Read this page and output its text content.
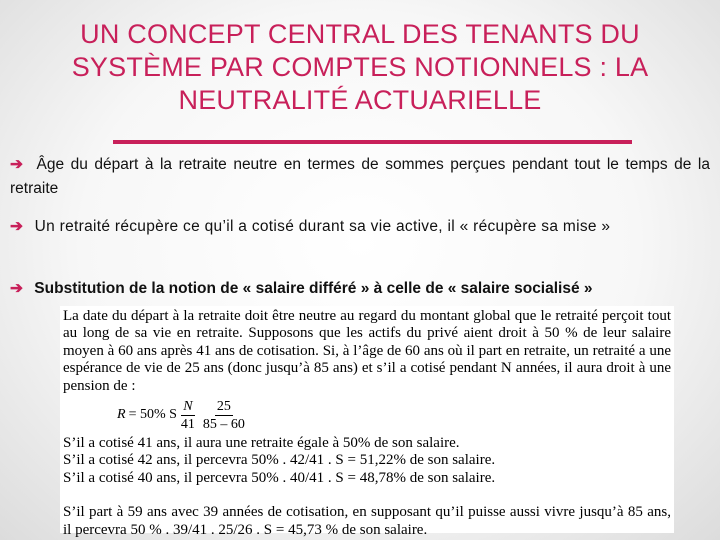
UN CONCEPT CENTRAL DES TENANTS DU
SYSTÈME PAR COMPTES NOTIONNELS : LA
NEUTRALITÉ ACTUARIELLE
➔ Âge du départ à la retraite neutre en termes de sommes perçues pendant tout le temps de la retraite
➔ Un retraité récupère ce qu’il a cotisé durant sa vie active, il « récupère sa mise »
➔ Substitution de la notion de « salaire différé » à celle de « salaire socialisé »

La date du départ à la retraite doit être neutre au regard du montant global que le retraité perçoit tout au long de sa vie en retraite. Supposons que les actifs du privé aient droit à 50 % de leur salaire moyen à 60 ans après 41 ans de cotisation. Si, à l’âge de 60 ans où il part en retraite, un retraité a une espérance de vie de 25 ans (donc jusqu’à 85 ans) et s’il a cotisé pendant N années, il aura droit à une pension de :

R = 50% S $\frac{N}{41} \frac{25}{85 - 60}$

S’il a cotisé 41 ans, il aura une retraite égale à 50% de son salaire.

S’il a cotisé 42 ans, il percevra 50% . 42/41 . S = 51,22% de son salaire.

S’il a cotisé 40 ans, il percevra 50% . 40/41 . S = 48,78% de son salaire.

S’il part à 59 ans avec 39 années de cotisation, en supposant qu’il puisse aussi vivre jusqu’à 85 ans, il percevra 50 % . 39/41 . 25/26 . S = 45,73 % de son salaire.
